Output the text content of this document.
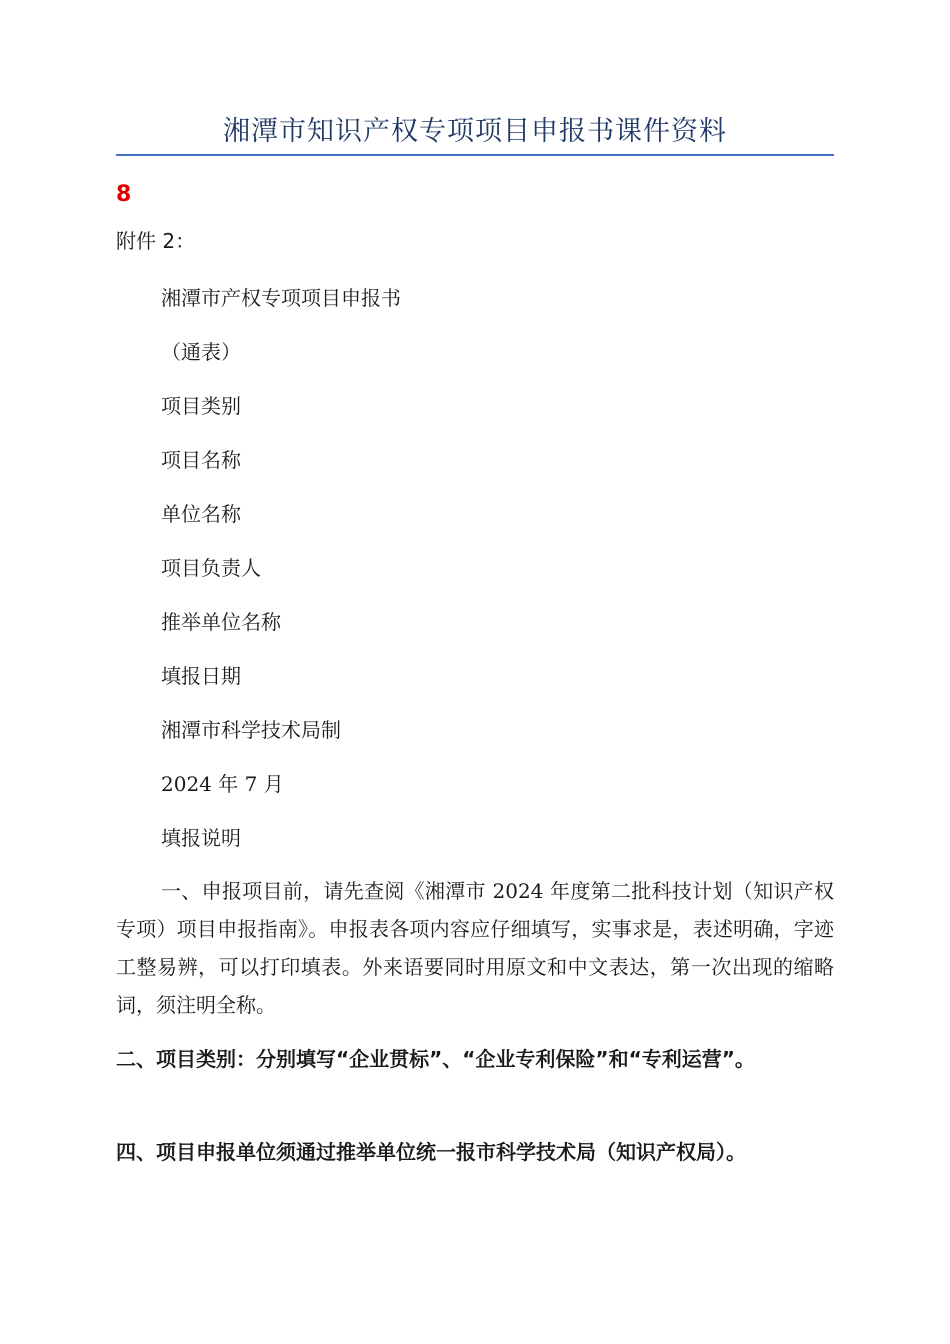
湘潭市知识产权专项项目申报书课件资料
8
附件 2：
湘潭市产权专项项目申报书
（通表）
项目类别
项目名称
单位名称
项目负责人
推举单位名称
填报日期
湘潭市科学技术局制
2024 年 7 月
填报说明
一、申报项目前，请先查阅《湘潭市 2024 年度第二批科技计划（知识产权专项）项目申报指南》。申报表各项内容应仔细填写，实事求是，表述明确，字迹工整易辨，可以打印填表。外来语要同时用原文和中文表达，第一次出现的缩略词，须注明全称。
二、项目类别：分别填写“企业贯标”、“企业专利保险”和“专利运营”。
四、项目申报单位须通过推举单位统一报市科学技术局（知识产权局）。
